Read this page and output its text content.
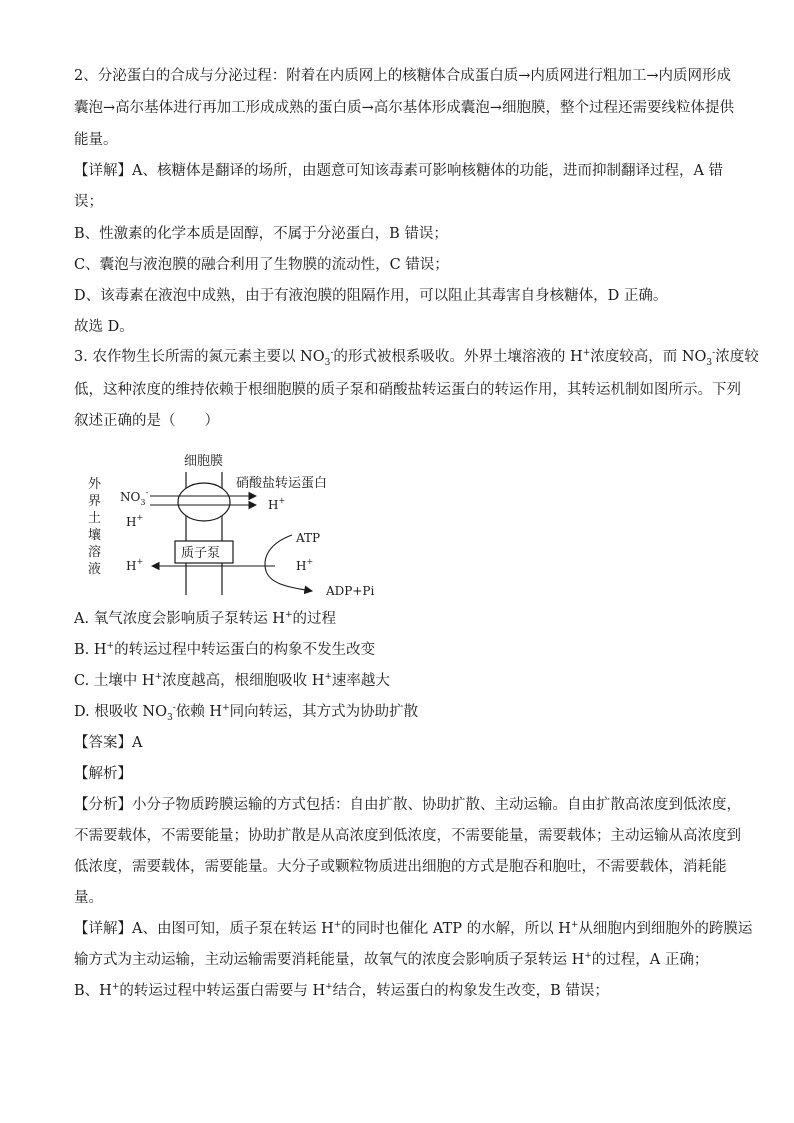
2、分泌蛋白的合成与分泌过程：附着在内质网上的核糖体合成蛋白质→内质网进行粗加工→内质网形成
囊泡→高尔基体进行再加工形成成熟的蛋白质→高尔基体形成囊泡→细胞膜，整个过程还需要线粒体提供
能量。
【详解】A、核糖体是翻译的场所，由题意可知该毒素可影响核糖体的功能，进而抑制翻译过程，A 错
误；
B、性激素的化学本质是固醇，不属于分泌蛋白，B 错误；
C、囊泡与液泡膜的融合利用了生物膜的流动性，C 错误；
D、该毒素在液泡中成熟，由于有液泡膜的阻隔作用，可以阻止其毒害自身核糖体，D 正确。
故选 D。
3. 农作物生长所需的氮元素主要以 $NO_3^-$的形式被根系吸收。外界土壤溶液的 H+浓度较高，而 $NO_3^-$浓度较
低，这种浓度的维持依赖于根细胞膜的质子泵和硝酸盐转运蛋白的转运作用，其转运机制如图所示。下列
叙述正确的是（　　）
外
界
土
壤
溶
液
细胞膜
硝酸盐转运蛋白
$NO_3^-$
H+
H+
质子泵
H+	H+
ATP
ADP+Pi
A. 氧气浓度会影响质子泵转运 H+的过程
B. H+的转运过程中转运蛋白的构象不发生改变
C. 土壤中 H+浓度越高，根细胞吸收 H+速率越大
D. 根吸收 $NO_3^-$依赖 H+同向转运，其方式为协助扩散
【答案】A
【解析】
【分析】小分子物质跨膜运输的方式包括：自由扩散、协助扩散、主动运输。自由扩散高浓度到低浓度，
不需要载体，不需要能量；协助扩散是从高浓度到低浓度，不需要能量，需要载体；主动运输从高浓度到
低浓度，需要载体，需要能量。大分子或颗粒物质进出细胞的方式是胞吞和胞吐，不需要载体，消耗能
量。
【详解】A、由图可知，质子泵在转运 H+的同时也催化 ATP 的水解，所以 H+从细胞内到细胞外的跨膜运
输方式为主动运输，主动运输需要消耗能量，故氧气的浓度会影响质子泵转运 H+的过程，A 正确；
B、H+的转运过程中转运蛋白需要与 H+结合，转运蛋白的构象发生改变，B 错误；
